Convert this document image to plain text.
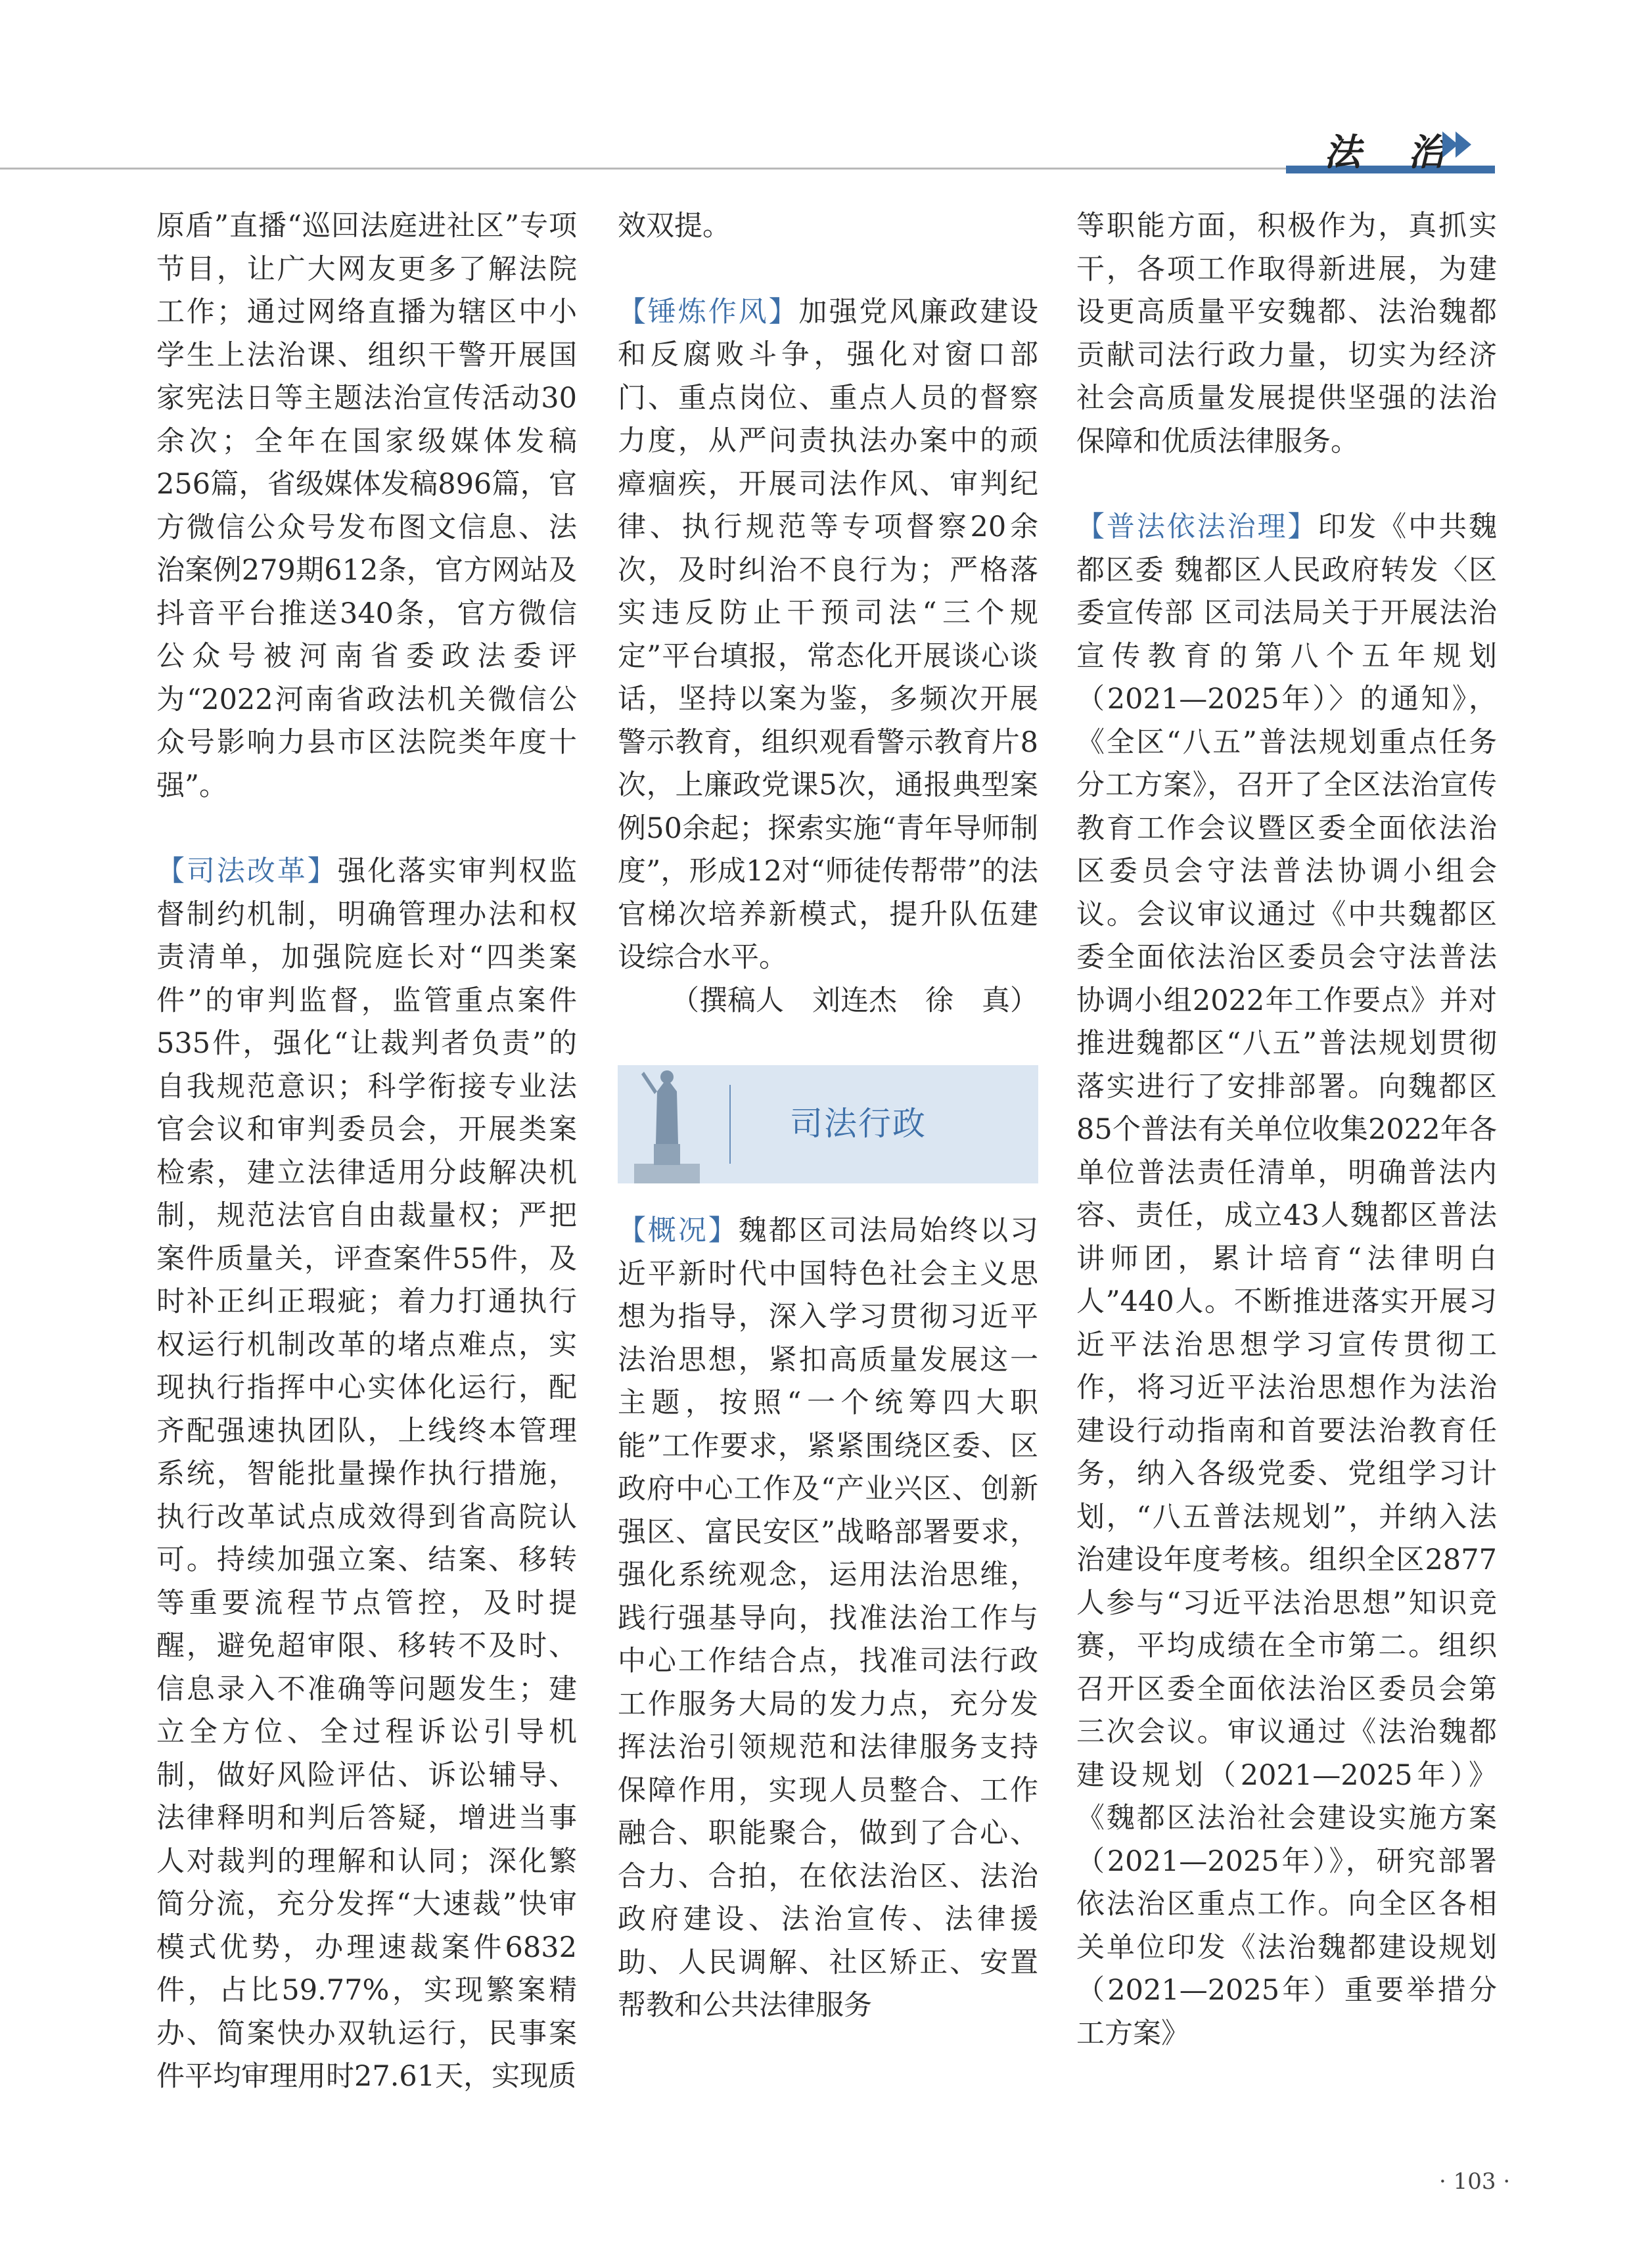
法 治

原盾”直播“巡回法庭进社区”专项节目，让广大网友更多了解法院工作；通过网络直播为辖区中小学生上法治课、组织干警开展国家宪法日等主题法治宣传活动30余次；全年在国家级媒体发稿256篇，省级媒体发稿896篇，官方微信公众号发布图文信息、法治案例279期612条，官方网站及抖音平台推送340条，官方微信公众号被河南省委政法委评为“2022河南省政法机关微信公众号影响力县市区法院类年度十强”。

【司法改革】强化落实审判权监督制约机制，明确管理办法和权责清单，加强院庭长对“四类案件”的审判监督，监管重点案件535件，强化“让裁判者负责”的自我规范意识；科学衔接专业法官会议和审判委员会，开展类案检索，建立法律适用分歧解决机制，规范法官自由裁量权；严把案件质量关，评查案件55件，及时补正纠正瑕疵；着力打通执行权运行机制改革的堵点难点，实现执行指挥中心实体化运行，配齐配强速执团队，上线终本管理系统，智能批量操作执行措施，执行改革试点成效得到省高院认可。持续加强立案、结案、移转等重要流程节点管控，及时提醒，避免超审限、移转不及时、信息录入不准确等问题发生；建立全方位、全过程诉讼引导机制，做好风险评估、诉讼辅导、法律释明和判后答疑，增进当事人对裁判的理解和认同；深化繁简分流，充分发挥“大速裁”快审模式优势，办理速裁案件6832件，占比59.77%，实现繁案精办、简案快办双轨运行，民事案件平均审理用时27.61天，实现质

效双提。

【锤炼作风】加强党风廉政建设和反腐败斗争，强化对窗口部门、重点岗位、重点人员的督察力度，从严问责执法办案中的顽瘴痼疾，开展司法作风、审判纪律、执行规范等专项督察20余次，及时纠治不良行为；严格落实违反防止干预司法“三个规定”平台填报，常态化开展谈心谈话，坚持以案为鉴，多频次开展警示教育，组织观看警示教育片8次，上廉政党课5次，通报典型案例50余起；探索实施“青年导师制度”，形成12对“师徒传帮带”的法官梯次培养新模式，提升队伍建设综合水平。

（撰稿人　刘连杰　徐　真）

司法行政

【概况】魏都区司法局始终以习近平新时代中国特色社会主义思想为指导，深入学习贯彻习近平法治思想，紧扣高质量发展这一主题，按照“一个统筹四大职能”工作要求，紧紧围绕区委、区政府中心工作及“产业兴区、创新强区、富民安区”战略部署要求，强化系统观念，运用法治思维，践行强基导向，找准法治工作与中心工作结合点，找准司法行政工作服务大局的发力点，充分发挥法治引领规范和法律服务支持保障作用，实现人员整合、工作融合、职能聚合，做到了合心、合力、合拍，在依法治区、法治政府建设、法治宣传、法律援助、人民调解、社区矫正、安置帮教和公共法律服务

等职能方面，积极作为，真抓实干，各项工作取得新进展，为建设更高质量平安魏都、法治魏都贡献司法行政力量，切实为经济社会高质量发展提供坚强的法治保障和优质法律服务。

【普法依法治理】印发《中共魏都区委 魏都区人民政府转发〈区委宣传部 区司法局关于开展法治宣传教育的第八个五年规划（2021—2025年）〉的通知》，《全区“八五”普法规划重点任务分工方案》，召开了全区法治宣传教育工作会议暨区委全面依法治区委员会守法普法协调小组会议。会议审议通过《中共魏都区委全面依法治区委员会守法普法协调小组2022年工作要点》并对推进魏都区“八五”普法规划贯彻落实进行了安排部署。向魏都区85个普法有关单位收集2022年各单位普法责任清单，明确普法内容、责任，成立43人魏都区普法讲师团，累计培育“法律明白人”440人。不断推进落实开展习近平法治思想学习宣传贯彻工作，将习近平法治思想作为法治建设行动指南和首要法治教育任务，纳入各级党委、党组学习计划，“八五普法规划”，并纳入法治建设年度考核。组织全区2877人参与“习近平法治思想”知识竞赛，平均成绩在全市第二。组织召开区委全面依法治区委员会第三次会议。审议通过《法治魏都建设规划（2021—2025年）》《魏都区法治社会建设实施方案（2021—2025年）》，研究部署依法治区重点工作。向全区各相关单位印发《法治魏都建设规划（2021—2025年）重要举措分工方案》

· 103 ·
